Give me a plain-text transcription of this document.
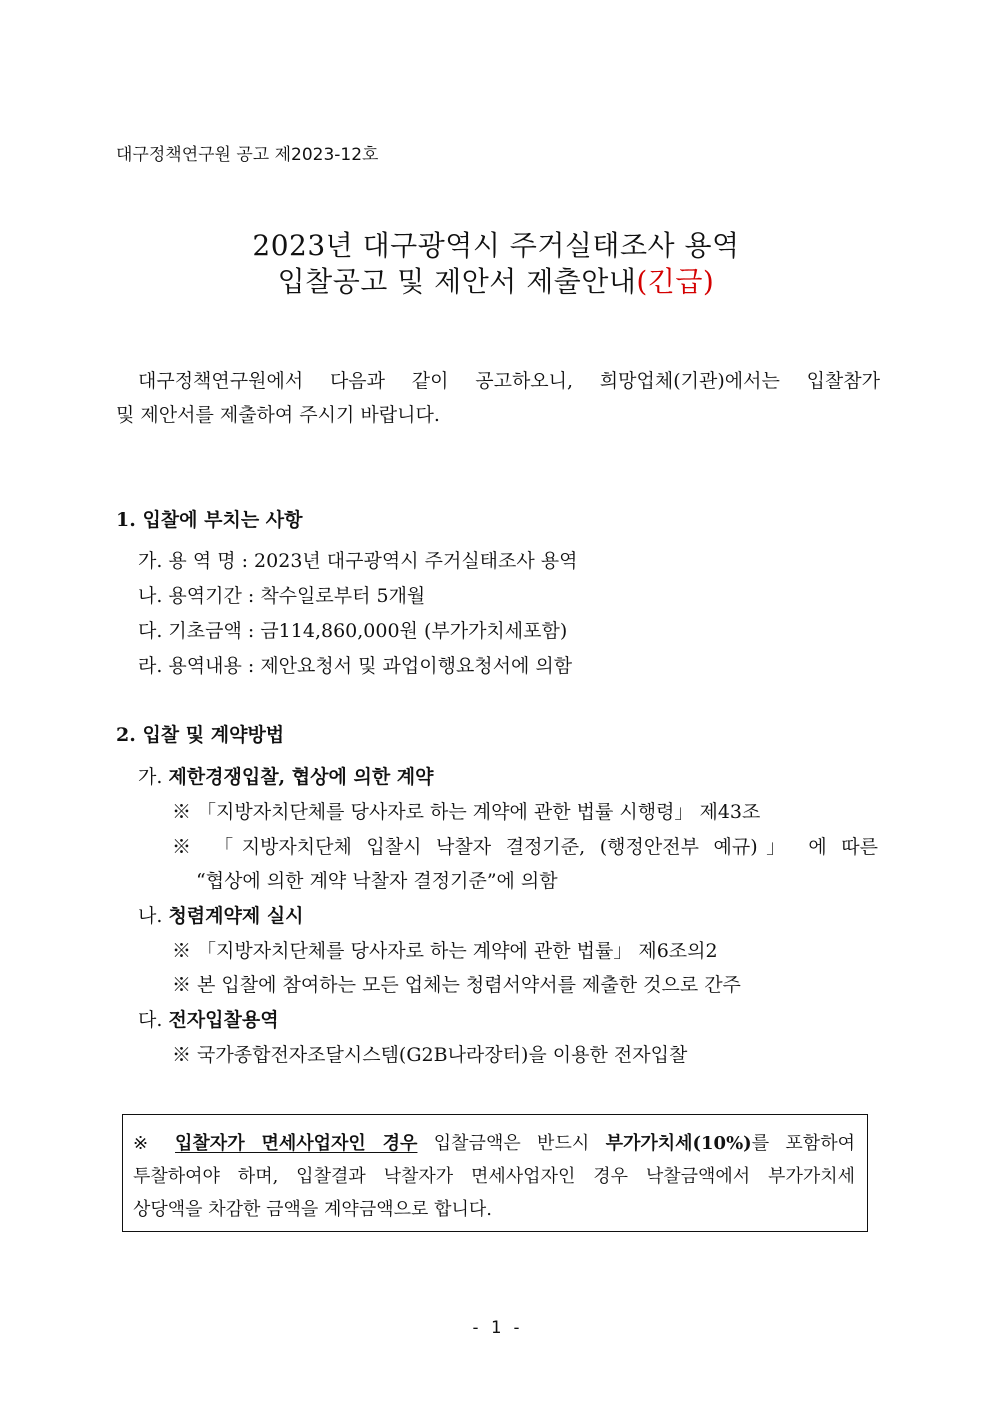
대구정책연구원 공고 제2023-12호
2023년 대구광역시 주거실태조사 용역
입찰공고 및 제안서 제출안내(긴급)
대구정책연구원에서 다음과 같이 공고하오니, 희망업체(기관)에서는 입찰참가
및 제안서를 제출하여 주시기 바랍니다.
1. 입찰에 부치는 사항
가. 용 역 명 : 2023년 대구광역시 주거실태조사 용역
나. 용역기간 : 착수일로부터 5개월
다. 기초금액 : 금114,860,000원 (부가가치세포함)
라. 용역내용 : 제안요청서 및 과업이행요청서에 의함
2. 입찰 및 계약방법
가. 제한경쟁입찰, 협상에 의한 계약
※ 「지방자치단체를 당사자로 하는 계약에 관한 법률 시행령」 제43조
※ 「지방자치단체 입찰시 낙찰자 결정기준, (행정안전부 예규)」 에 따른
“협상에 의한 계약 낙찰자 결정기준”에 의함
나. 청렴계약제 실시
※ 「지방자치단체를 당사자로 하는 계약에 관한 법률」 제6조의2
※ 본 입찰에 참여하는 모든 업체는 청렴서약서를 제출한 것으로 간주
다. 전자입찰용역
※ 국가종합전자조달시스템(G2B나라장터)을 이용한 전자입찰
※ 입찰자가 면세사업자인 경우 입찰금액은 반드시 부가가치세(10%)를 포함하여
투찰하여야 하며, 입찰결과 낙찰자가 면세사업자인 경우 낙찰금액에서 부가가치세
상당액을 차감한 금액을 계약금액으로 합니다.
- 1 -
